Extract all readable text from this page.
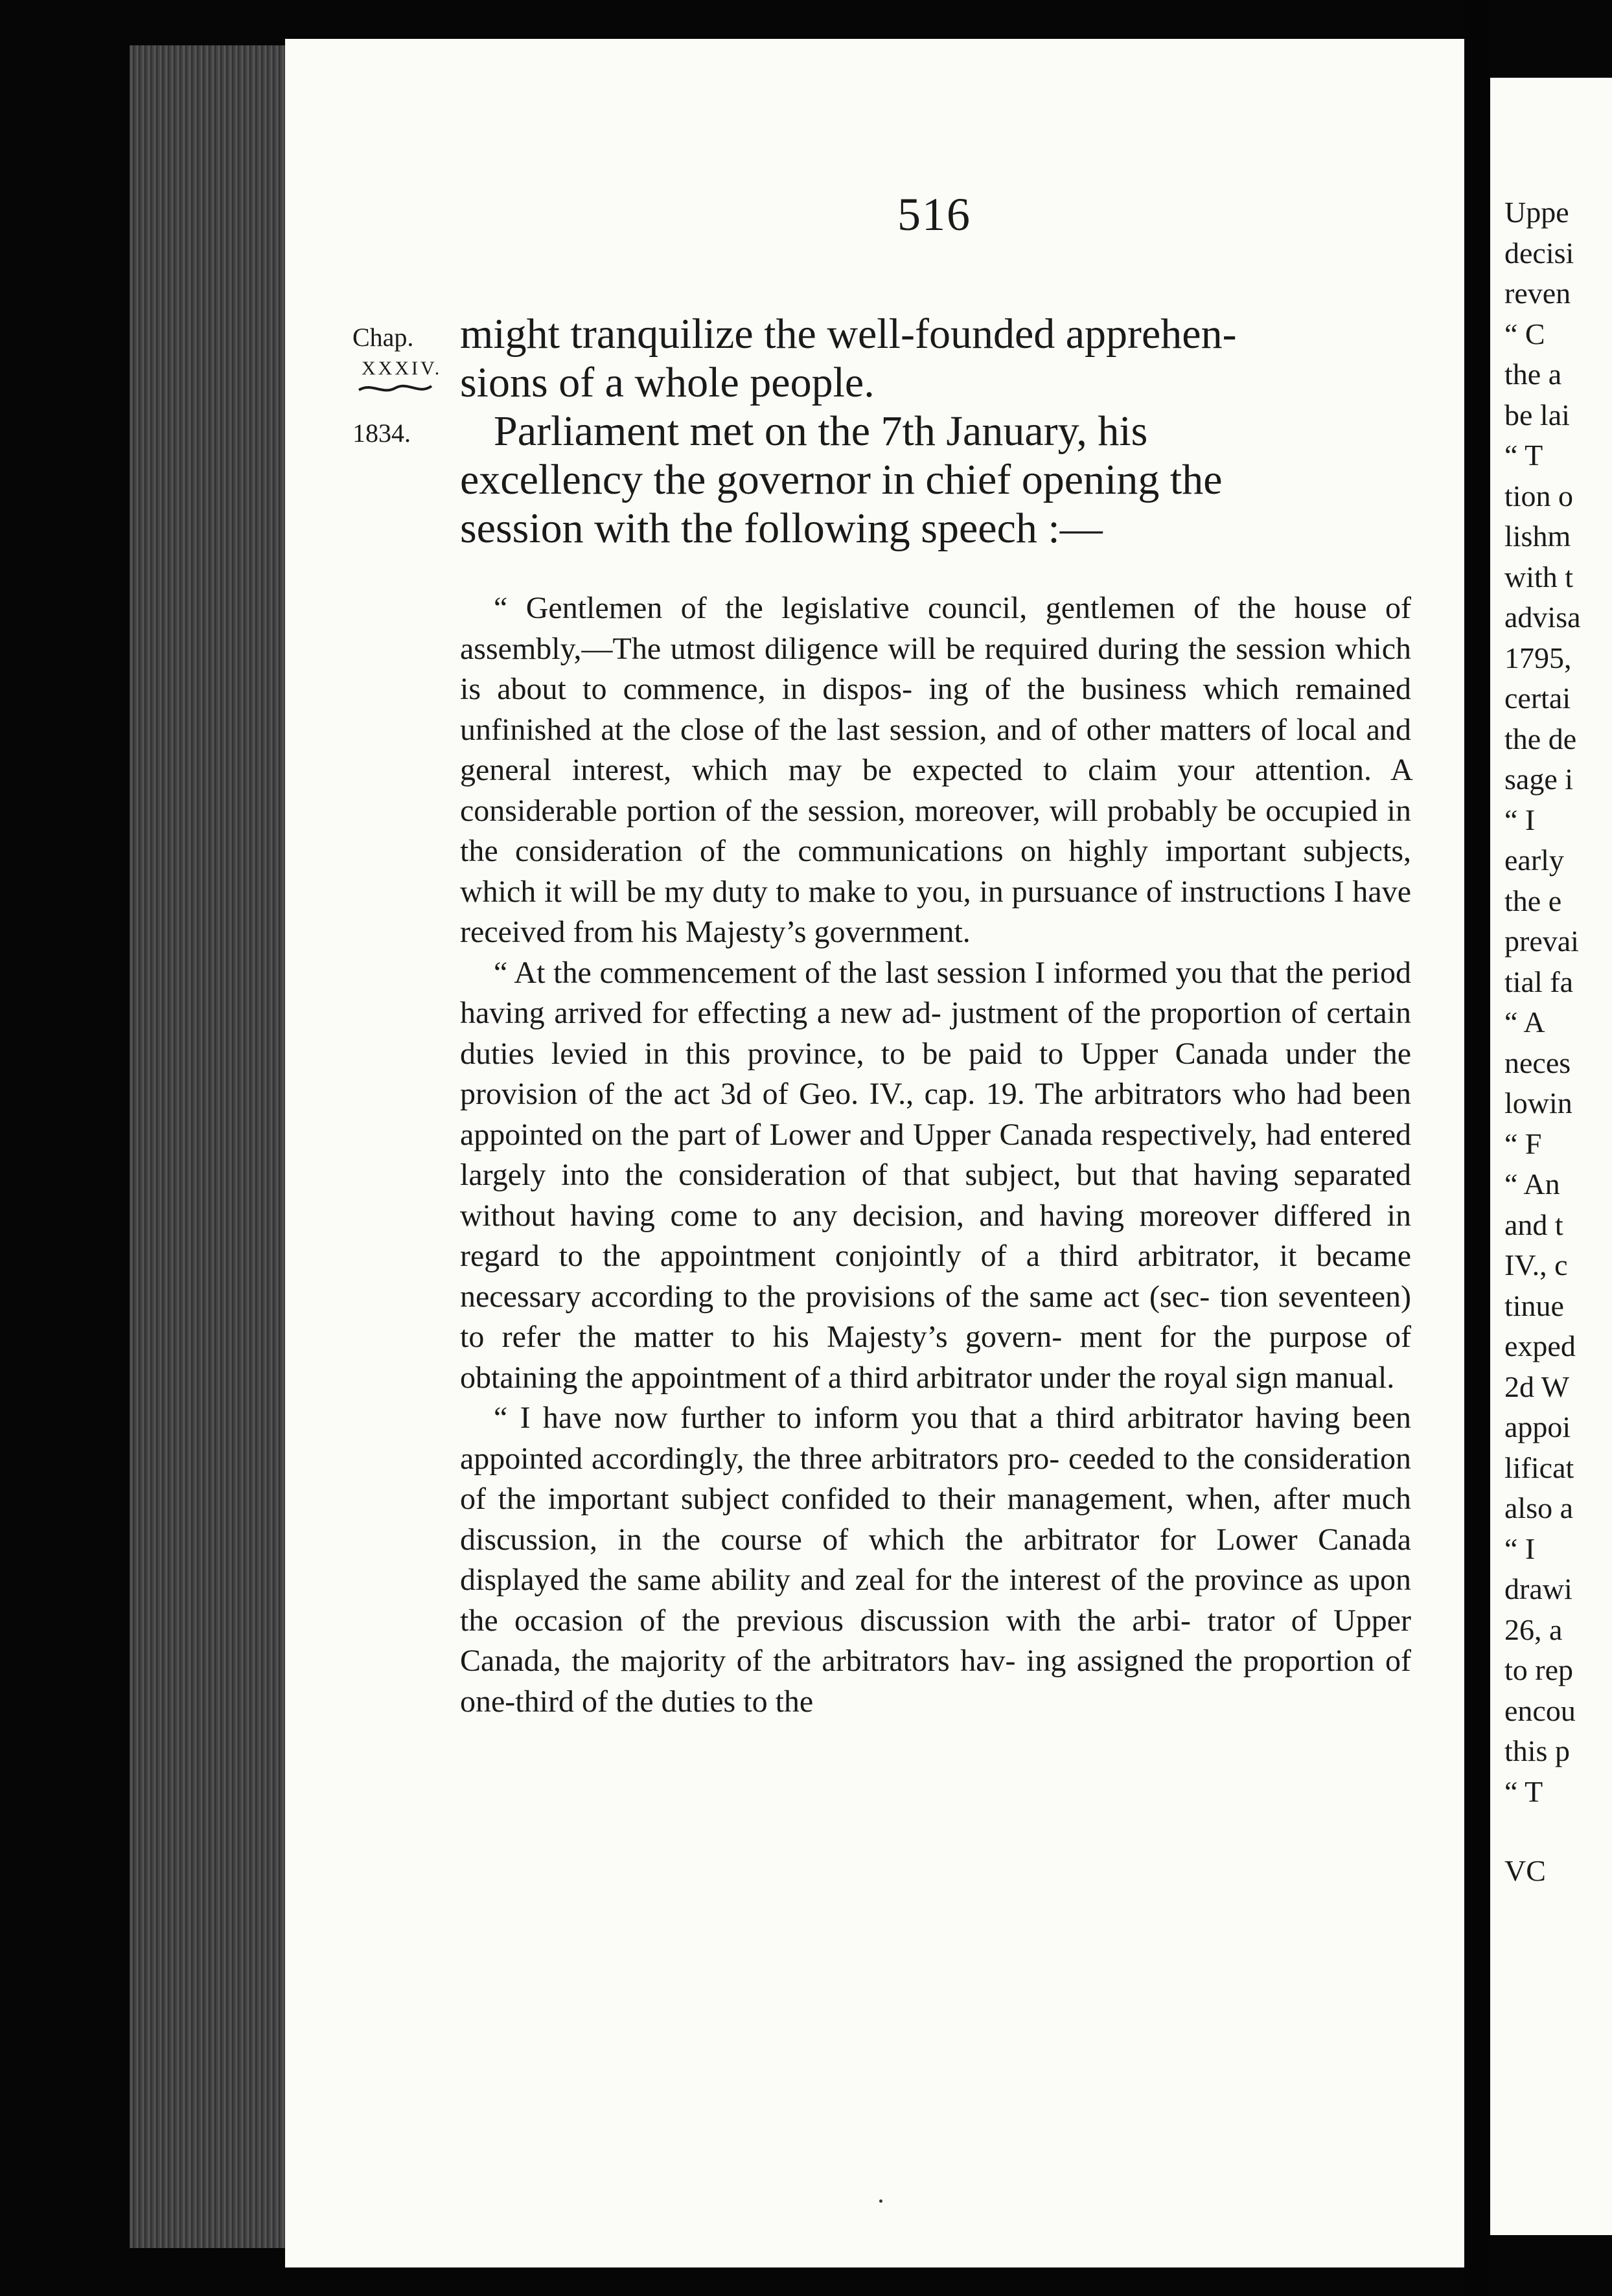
516
Chap.
XXXIV.
1834.

might tranquilize the well-founded apprehen-

sions of a whole people.

Parliament met on the 7th January, his

excellency the governor in chief opening the

session with the following speech :—

“ Gentlemen of the legislative council, gentlemen of the house of assembly,—The utmost diligence will be required during the session which is about to commence, in dispos- ing of the business which remained unfinished at the close of the last session, and of other matters of local and general interest, which may be expected to claim your attention. A considerable portion of the session, moreover, will probably be occupied in the consideration of the communications on highly important subjects, which it will be my duty to make to you, in pursuance of instructions I have received from his Majesty’s government.

“ At the commencement of the last session I informed you that the period having arrived for effecting a new ad- justment of the proportion of certain duties levied in this province, to be paid to Upper Canada under the provision of the act 3d of Geo. IV., cap. 19. The arbitrators who had been appointed on the part of Lower and Upper Canada respectively, had entered largely into the consideration of that subject, but that having separated without having come to any decision, and having moreover differed in regard to the appointment conjointly of a third arbitrator, it became necessary according to the provisions of the same act (sec- tion seventeen) to refer the matter to his Majesty’s govern- ment for the purpose of obtaining the appointment of a third arbitrator under the royal sign manual.

“ I have now further to inform you that a third arbitrator having been appointed accordingly, the three arbitrators pro- ceeded to the consideration of the important subject confided to their management, when, after much discussion, in the course of which the arbitrator for Lower Canada displayed the same ability and zeal for the interest of the province as upon the occasion of the previous discussion with the arbi- trator of Upper Canada, the majority of the arbitrators hav- ing assigned the proportion of one-third of the duties to the

Uppe
decisi
reven
“ C
the a
be lai
“ T
tion o
lishm
with t
advisa
1795,
certai
the de
sage i
“ I
early
the e
prevai
tial fa
“ A
neces
lowin
“ F
“ An
and t
IV., c
tinue
exped
2d W
appoi
lificat
also a
“ I
drawi
26, a
to rep
encou
this p
“ T
VC
